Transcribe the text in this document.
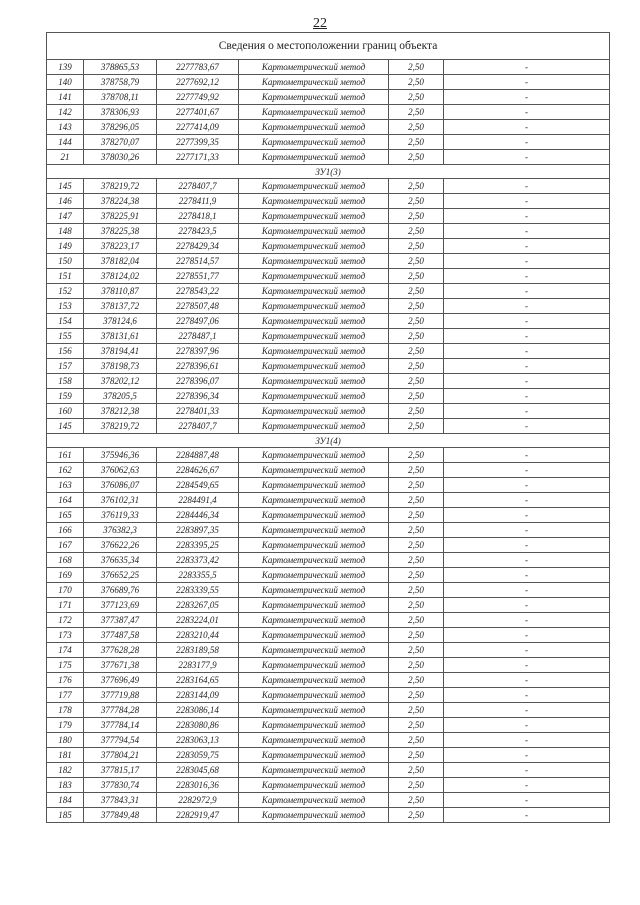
22
Сведения о местоположении границ объекта					
139	378865,53	2277783,67	Картометрический метод	2,50	-
140	378758,79	2277692,12	Картометрический метод	2,50	-
141	378708,11	2277749,92	Картометрический метод	2,50	-
142	378306,93	2277401,67	Картометрический метод	2,50	-
143	378296,05	2277414,09	Картометрический метод	2,50	-
144	378270,07	2277399,35	Картометрический метод	2,50	-
21	378030,26	2277171,33	Картометрический метод	2,50	-
ЗУ1(3)					
145	378219,72	2278407,7	Картометрический метод	2,50	-
146	378224,38	2278411,9	Картометрический метод	2,50	-
147	378225,91	2278418,1	Картометрический метод	2,50	-
148	378225,38	2278423,5	Картометрический метод	2,50	-
149	378223,17	2278429,34	Картометрический метод	2,50	-
150	378182,04	2278514,57	Картометрический метод	2,50	-
151	378124,02	2278551,77	Картометрический метод	2,50	-
152	378110,87	2278543,22	Картометрический метод	2,50	-
153	378137,72	2278507,48	Картометрический метод	2,50	-
154	378124,6	2278497,06	Картометрический метод	2,50	-
155	378131,61	2278487,1	Картометрический метод	2,50	-
156	378194,41	2278397,96	Картометрический метод	2,50	-
157	378198,73	2278396,61	Картометрический метод	2,50	-
158	378202,12	2278396,07	Картометрический метод	2,50	-
159	378205,5	2278396,34	Картометрический метод	2,50	-
160	378212,38	2278401,33	Картометрический метод	2,50	-
145	378219,72	2278407,7	Картометрический метод	2,50	-
ЗУ1(4)					
161	375946,36	2284887,48	Картометрический метод	2,50	-
162	376062,63	2284626,67	Картометрический метод	2,50	-
163	376086,07	2284549,65	Картометрический метод	2,50	-
164	376102,31	2284491,4	Картометрический метод	2,50	-
165	376119,33	2284446,34	Картометрический метод	2,50	-
166	376382,3	2283897,35	Картометрический метод	2,50	-
167	376622,26	2283395,25	Картометрический метод	2,50	-
168	376635,34	2283373,42	Картометрический метод	2,50	-
169	376652,25	2283355,5	Картометрический метод	2,50	-
170	376689,76	2283339,55	Картометрический метод	2,50	-
171	377123,69	2283267,05	Картометрический метод	2,50	-
172	377387,47	2283224,01	Картометрический метод	2,50	-
173	377487,58	2283210,44	Картометрический метод	2,50	-
174	377628,28	2283189,58	Картометрический метод	2,50	-
175	377671,38	2283177,9	Картометрический метод	2,50	-
176	377696,49	2283164,65	Картометрический метод	2,50	-
177	377719,88	2283144,09	Картометрический метод	2,50	-
178	377784,28	2283086,14	Картометрический метод	2,50	-
179	377784,14	2283080,86	Картометрический метод	2,50	-
180	377794,54	2283063,13	Картометрический метод	2,50	-
181	377804,21	2283059,75	Картометрический метод	2,50	-
182	377815,17	2283045,68	Картометрический метод	2,50	-
183	377830,74	2283016,36	Картометрический метод	2,50	-
184	377843,31	2282972,9	Картометрический метод	2,50	-
185	377849,48	2282919,47	Картометрический метод	2,50	-
